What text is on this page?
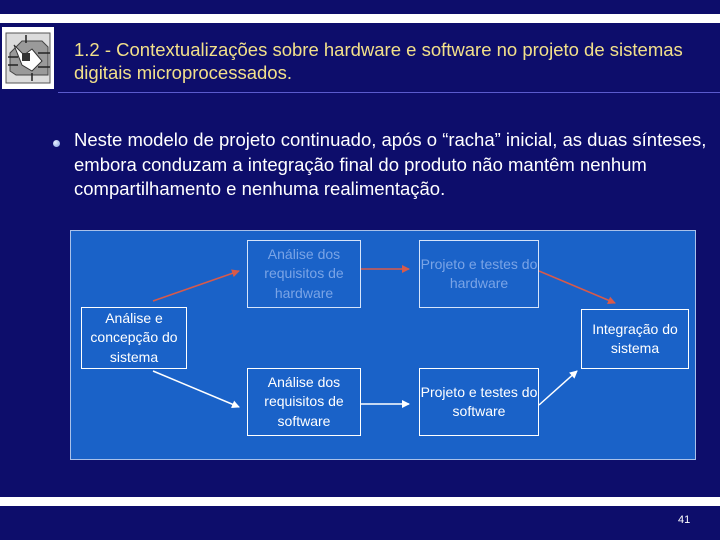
1.2 - Contextualizações sobre hardware e software no projeto de sistemas digitais microprocessados.
Neste modelo de projeto continuado, após o “racha” inicial, as duas sínteses, embora conduzam a integração final do produto não mantêm nenhum compartilhamento e nenhuma realimentação.
Análise dos requisitos de hardware
Projeto e testes do hardware
Análise e concepção do sistema
Integração do sistema
Análise dos requisitos de software
Projeto e testes do software
41
